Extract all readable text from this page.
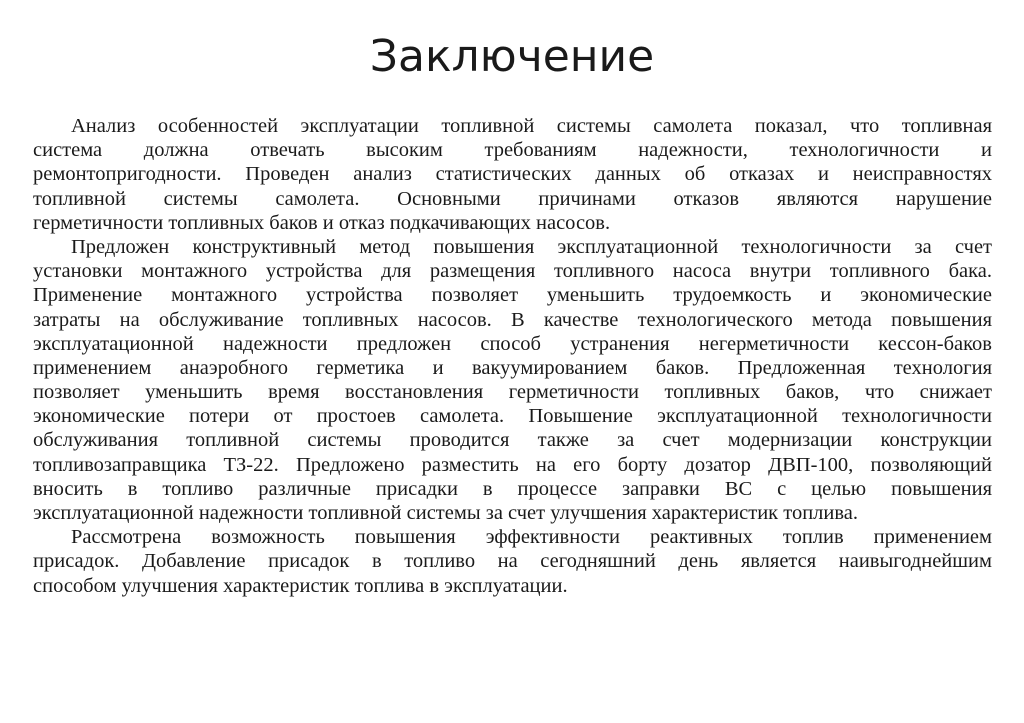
Заключение
Анализ особенностей эксплуатации топливной системы самолета показал, что топливная
система должна отвечать высоким требованиям надежности, технологичности и
ремонтопригодности. Проведен анализ статистических данных об отказах и неисправностях
топливной системы самолета. Основными причинами отказов являются нарушение
герметичности топливных баков и отказ подкачивающих насосов.
Предложен конструктивный метод повышения эксплуатационной технологичности за счет
установки монтажного устройства для размещения топливного насоса внутри топливного бака.
Применение монтажного устройства позволяет уменьшить трудоемкость и экономические
затраты на обслуживание топливных насосов. В качестве технологического метода повышения
эксплуатационной надежности предложен способ устранения негерметичности кессон-баков
применением анаэробного герметика и вакуумированием баков. Предложенная технология
позволяет уменьшить время восстановления герметичности топливных баков, что снижает
экономические потери от простоев самолета. Повышение эксплуатационной технологичности
обслуживания топливной системы проводится также за счет модернизации конструкции
топливозаправщика ТЗ-22. Предложено разместить на его борту дозатор ДВП-100, позволяющий
вносить в топливо различные присадки в процессе заправки ВС с целью повышения
эксплуатационной надежности топливной системы за счет улучшения характеристик топлива.
Рассмотрена возможность повышения эффективности реактивных топлив применением
присадок. Добавление присадок в топливо на сегодняшний день является наивыгоднейшим
способом улучшения характеристик топлива в эксплуатации.
